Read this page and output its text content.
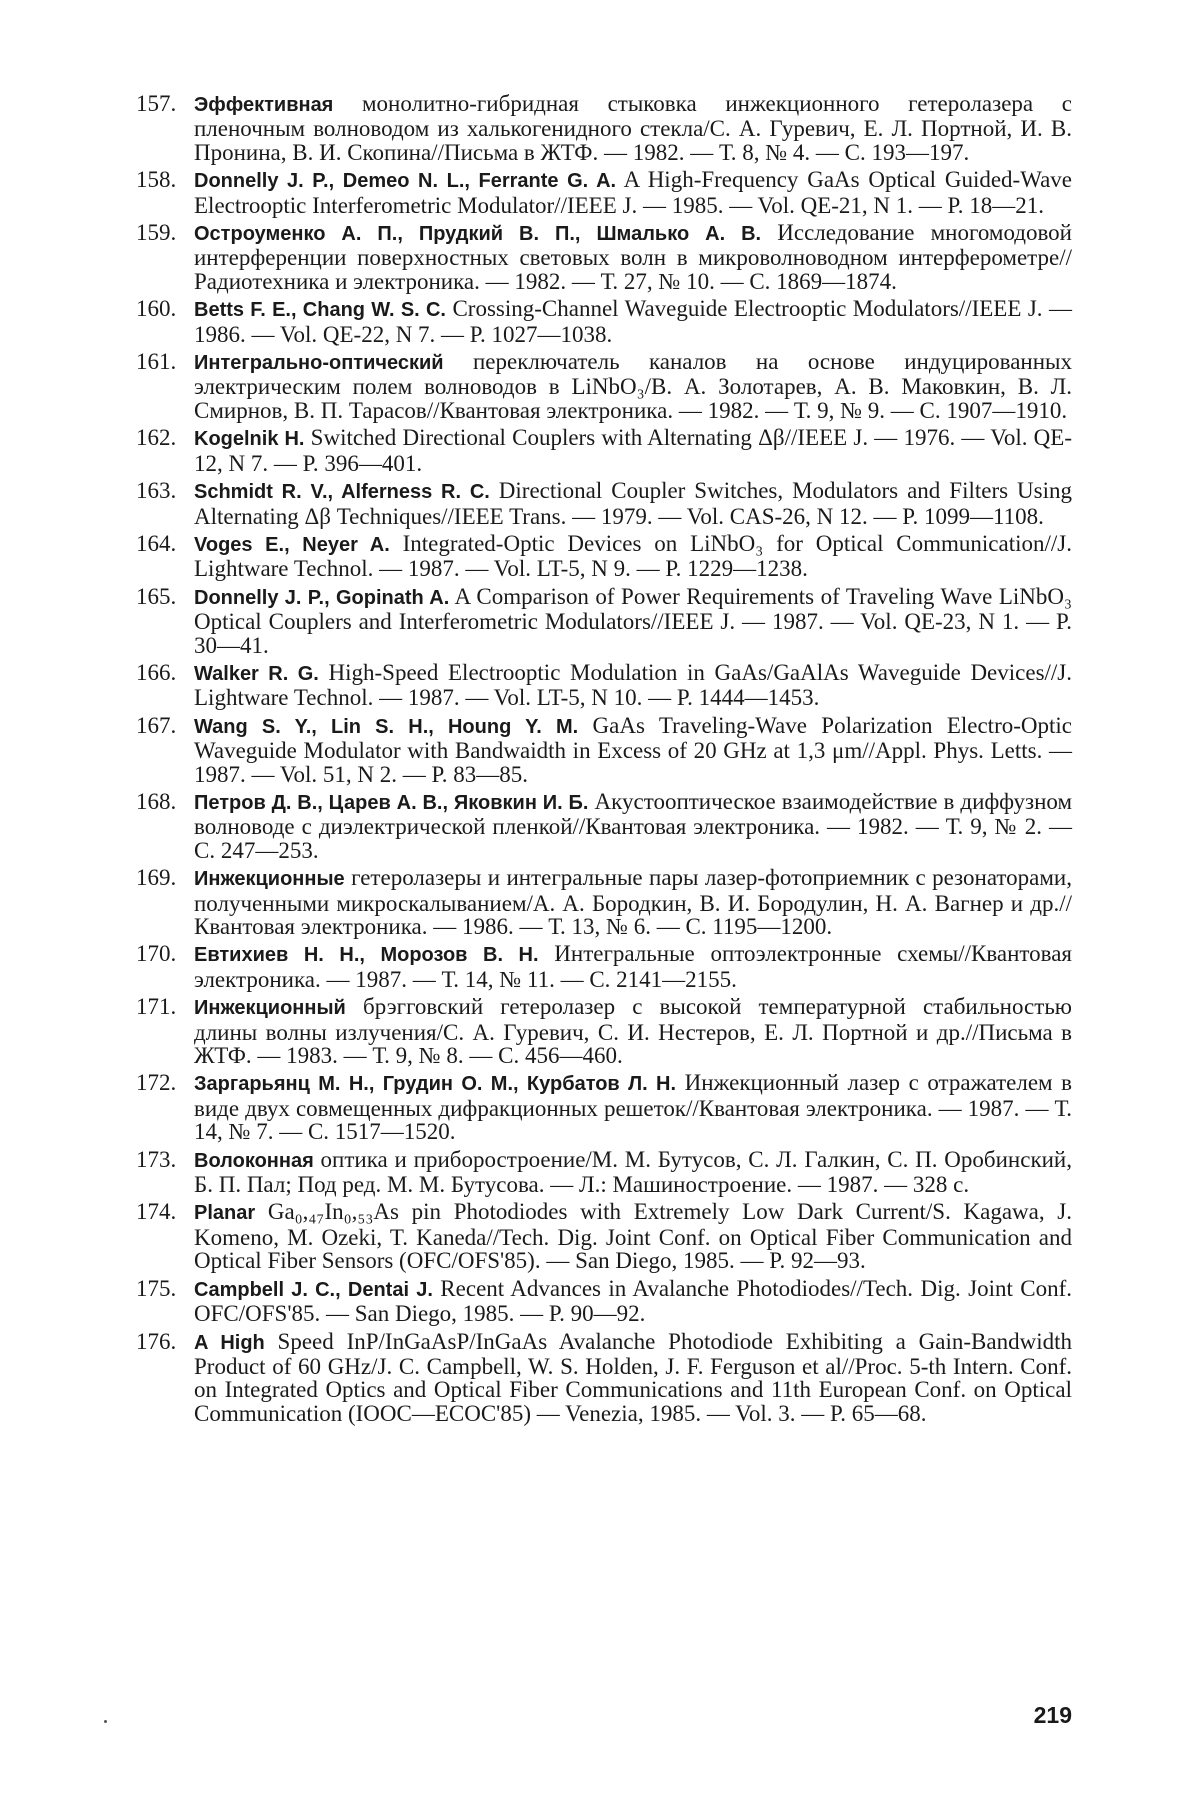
157. Эффективная монолитно-гибридная стыковка инжекционного гетеролазера с пленочным волноводом из халькогенидного стекла/С. А. Гуревич, Е. Л. Портной, И. В. Пронина, В. И. Скопина//Письма в ЖТФ. — 1982. — Т. 8, № 4. — С. 193—197.
158. Donnelly J. P., Demeo N. L., Ferrante G. A. A High-Frequency GaAs Optical Guided-Wave Electrooptic Interferometric Modulator//IEEE J. — 1985. — Vol. QE-21, N 1. — P. 18—21.
159. Остроуменко А. П., Прудкий В. П., Шмалько А. В. Исследование многомодовой интерференции поверхностных световых волн в микроволноводном интерферометре//Радиотехника и электроника. — 1982. — Т. 27, № 10. — С. 1869—1874.
160. Betts F. E., Chang W. S. C. Crossing-Channel Waveguide Electrooptic Modulators//IEEE J. — 1986. — Vol. QE-22, N 7. — P. 1027—1038.
161. Интегрально-оптический переключатель каналов на основе индуцированных электрическим полем волноводов в LiNbO₃/В. А. Золотарев, А. В. Маковкин, В. Л. Смирнов, В. П. Тарасов//Квантовая электроника. — 1982. — Т. 9, № 9. — С. 1907—1910.
162. Kogelnik H. Switched Directional Couplers with Alternating Δβ//IEEE J. — 1976. — Vol. QE-12, N 7. — P. 396—401.
163. Schmidt R. V., Alferness R. C. Directional Coupler Switches, Modulators and Filters Using Alternating Δβ Techniques//IEEE Trans. — 1979. — Vol. CAS-26, N 12. — P. 1099—1108.
164. Voges E., Neyer A. Integrated-Optic Devices on LiNbO₃ for Optical Communication//J. Lightware Technol. — 1987. — Vol. LT-5, N 9. — P. 1229—1238.
165. Donnelly J. P., Gopinath A. A Comparison of Power Requirements of Traveling Wave LiNbO₃ Optical Couplers and Interferometric Modulators//IEEE J. — 1987. — Vol. QE-23, N 1. — P. 30—41.
166. Walker R. G. High-Speed Electrooptic Modulation in GaAs/GaAlAs Waveguide Devices//J. Lightware Technol. — 1987. — Vol. LT-5, N 10. — P. 1444—1453.
167. Wang S. Y., Lin S. H., Houng Y. M. GaAs Traveling-Wave Polarization Electro-Optic Waveguide Modulator with Bandwaidth in Excess of 20 GHz at 1,3 μm//Appl. Phys. Letts. — 1987. — Vol. 51, N 2. — P. 83—85.
168. Петров Д. В., Царев А. В., Яковкин И. Б. Акустооптическое взаимодействие в диффузном волноводе с диэлектрической пленкой//Квантовая электроника. — 1982. — Т. 9, № 2. — С. 247—253.
169. Инжекционные гетеролазеры и интегральные пары лазер-фотоприемник с резонаторами, полученными микроскалыванием/А. А. Бородкин, В. И. Бородулин, Н. А. Вагнер и др.//Квантовая электроника. — 1986. — Т. 13, № 6. — С. 1195—1200.
170. Евтихиев Н. Н., Морозов В. Н. Интегральные оптоэлектронные схемы//Квантовая электроника. — 1987. — Т. 14, № 11. — С. 2141—2155.
171. Инжекционный брэгговский гетеролазер с высокой температурной стабильностью длины волны излучения/С. А. Гуревич, С. И. Нестеров, Е. Л. Портной и др.//Письма в ЖТФ. — 1983. — Т. 9, № 8. — С. 456—460.
172. Заргарьянц М. Н., Грудин О. М., Курбатов Л. Н. Инжекционный лазер с отражателем в виде двух совмещенных дифракционных решеток//Квантовая электроника. — 1987. — Т. 14, № 7. — С. 1517—1520.
173. Волоконная оптика и приборостроение/М. М. Бутусов, С. Л. Галкин, С. П. Оробинский, Б. П. Пал; Под ред. М. М. Бутусова. — Л.: Машиностроение. — 1987. — 328 с.
174. Planar Ga₀,₄₇In₀,₅₃As pin Photodiodes with Extremely Low Dark Current/S. Kagawa, J. Komeno, M. Ozeki, T. Kaneda//Tech. Dig. Joint Conf. on Optical Fiber Communication and Optical Fiber Sensors (OFC/OFS'85). — San Diego, 1985. — P. 92—93.
175. Campbell J. C., Dentai J. Recent Advances in Avalanche Photodiodes//Tech. Dig. Joint Conf. OFC/OFS'85. — San Diego, 1985. — P. 90—92.
176. A High Speed InP/InGaAsP/InGaAs Avalanche Photodiode Exhibiting a Gain-Bandwidth Product of 60 GHz/J. C. Campbell, W. S. Holden, J. F. Ferguson et al//Proc. 5-th Intern. Conf. on Integrated Optics and Optical Fiber Communications and 11th European Conf. on Optical Communication (IOOC—ECOC'85) — Venezia, 1985. — Vol. 3. — P. 65—68.
219
